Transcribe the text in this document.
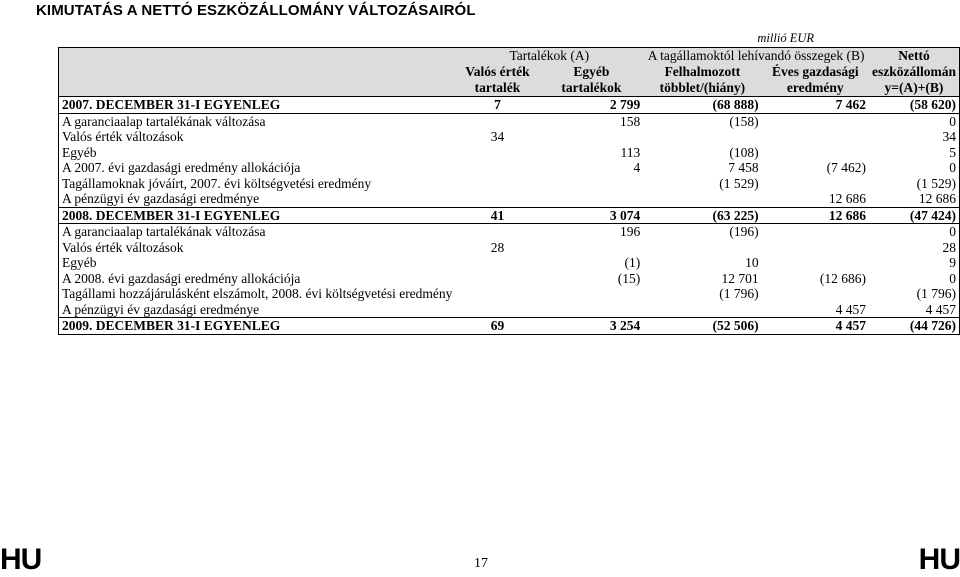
KIMUTATÁS A NETTÓ ESZKÖZÁLLOMÁNY VÁLTOZÁSAIRÓL
millió EUR
	Tartalékok (A)		A tagállamoktól lehívandó összegek (B)		Nettó eszközállomán y=(A)+(B)
	Valós érték tartalék	Egyéb tartalékok	Felhalmozott többlet/(hiány)	Éves gazdasági eredmény	
2007. DECEMBER 31-I EGYENLEG	7	2 799	(68 888)	7 462	(58 620)
A garanciaalap tartalékának változása		158	(158)		0
Valós érték változások	34				34
Egyéb		113	(108)		5
A 2007. évi gazdasági eredmény allokációja		4	7 458	(7 462)	0
Tagállamoknak jóváírt, 2007. évi költségvetési eredmény			(1 529)		(1 529)
A pénzügyi év gazdasági eredménye				12 686	12 686
2008. DECEMBER 31-I EGYENLEG	41	3 074	(63 225)	12 686	(47 424)
A garanciaalap tartalékának változása		196	(196)		0
Valós érték változások	28				28
Egyéb		(1)	10		9
A 2008. évi gazdasági eredmény allokációja		(15)	12 701	(12 686)	0
Tagállami hozzájárulásként elszámolt, 2008. évi költségvetési eredmény			(1 796)		(1 796)
A pénzügyi év gazdasági eredménye				4 457	4 457
2009. DECEMBER 31-I EGYENLEG	69	3 254	(52 506)	4 457	(44 726)
HU	17	HU
